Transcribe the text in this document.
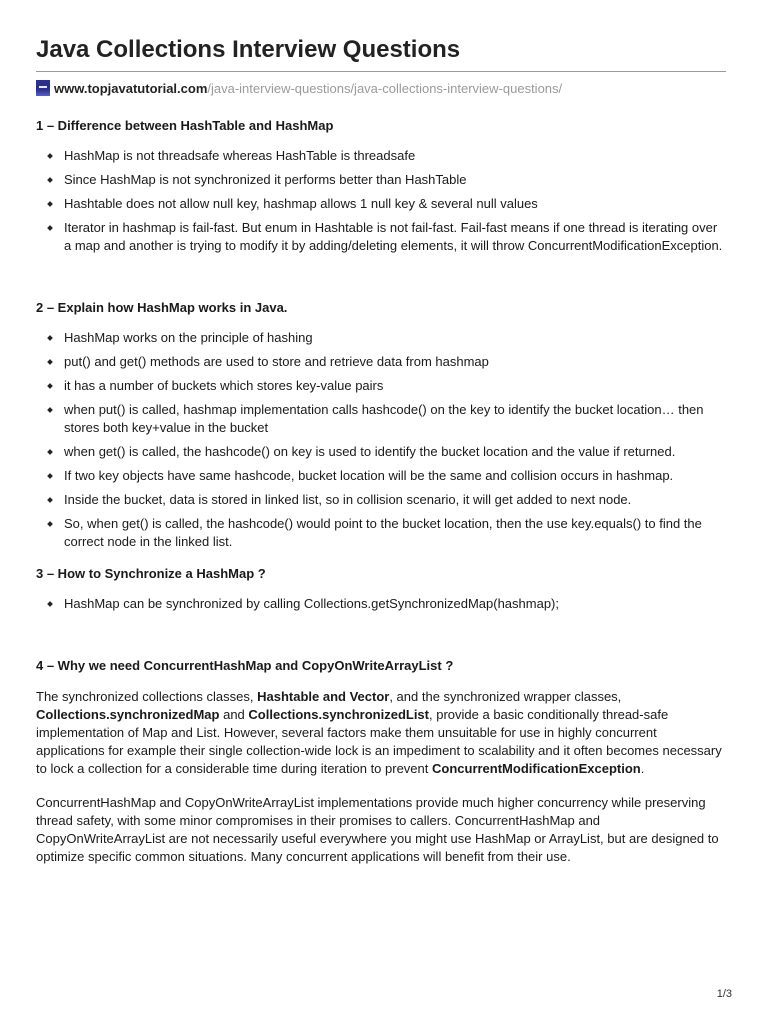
Java Collections Interview Questions
www.topjavatutorial.com /java-interview-questions/java-collections-interview-questions/
1 – Difference between HashTable and HashMap
HashMap is not threadsafe whereas HashTable is threadsafe
Since HashMap is not synchronized it performs better than HashTable
Hashtable does not allow null key, hashmap allows 1 null key & several null values
Iterator in hashmap is fail-fast. But enum in Hashtable is not fail-fast. Fail-fast means if one thread is iterating over a map and another is trying to modify it by adding/deleting elements, it will throw ConcurrentModificationException.
2 – Explain how HashMap works in Java.
HashMap works on the principle of hashing
put() and get() methods are used to store and retrieve data from hashmap
it has a number of buckets which stores key-value pairs
when put() is called, hashmap implementation calls hashcode() on the key to identify the bucket location… then stores both key+value in the bucket
when get() is called, the hashcode() on key is used to identify the bucket location and the value if returned.
If two key objects have same hashcode, bucket location will be the same and collision occurs in hashmap.
Inside the bucket, data is stored in linked list, so in collision scenario, it will get added to next node.
So, when get() is called, the hashcode() would point to the bucket location, then the use key.equals() to find the correct node in the linked list.
3 – How to Synchronize a HashMap ?
HashMap can be synchronized by calling Collections.getSynchronizedMap(hashmap);
4 – Why we need ConcurrentHashMap and CopyOnWriteArrayList ?

The synchronized collections classes, Hashtable and Vector, and the synchronized wrapper classes, Collections.synchronizedMap and Collections.synchronizedList, provide a basic conditionally thread-safe implementation of Map and List. However, several factors make them unsuitable for use in highly concurrent applications for example their single collection-wide lock is an impediment to scalability and it often becomes necessary to lock a collection for a considerable time during iteration to prevent ConcurrentModificationException.

ConcurrentHashMap and CopyOnWriteArrayList implementations provide much higher concurrency while preserving thread safety, with some minor compromises in their promises to callers. ConcurrentHashMap and CopyOnWriteArrayList are not necessarily useful everywhere you might use HashMap or ArrayList, but are designed to optimize specific common situations. Many concurrent applications will benefit from their use.

1/3
